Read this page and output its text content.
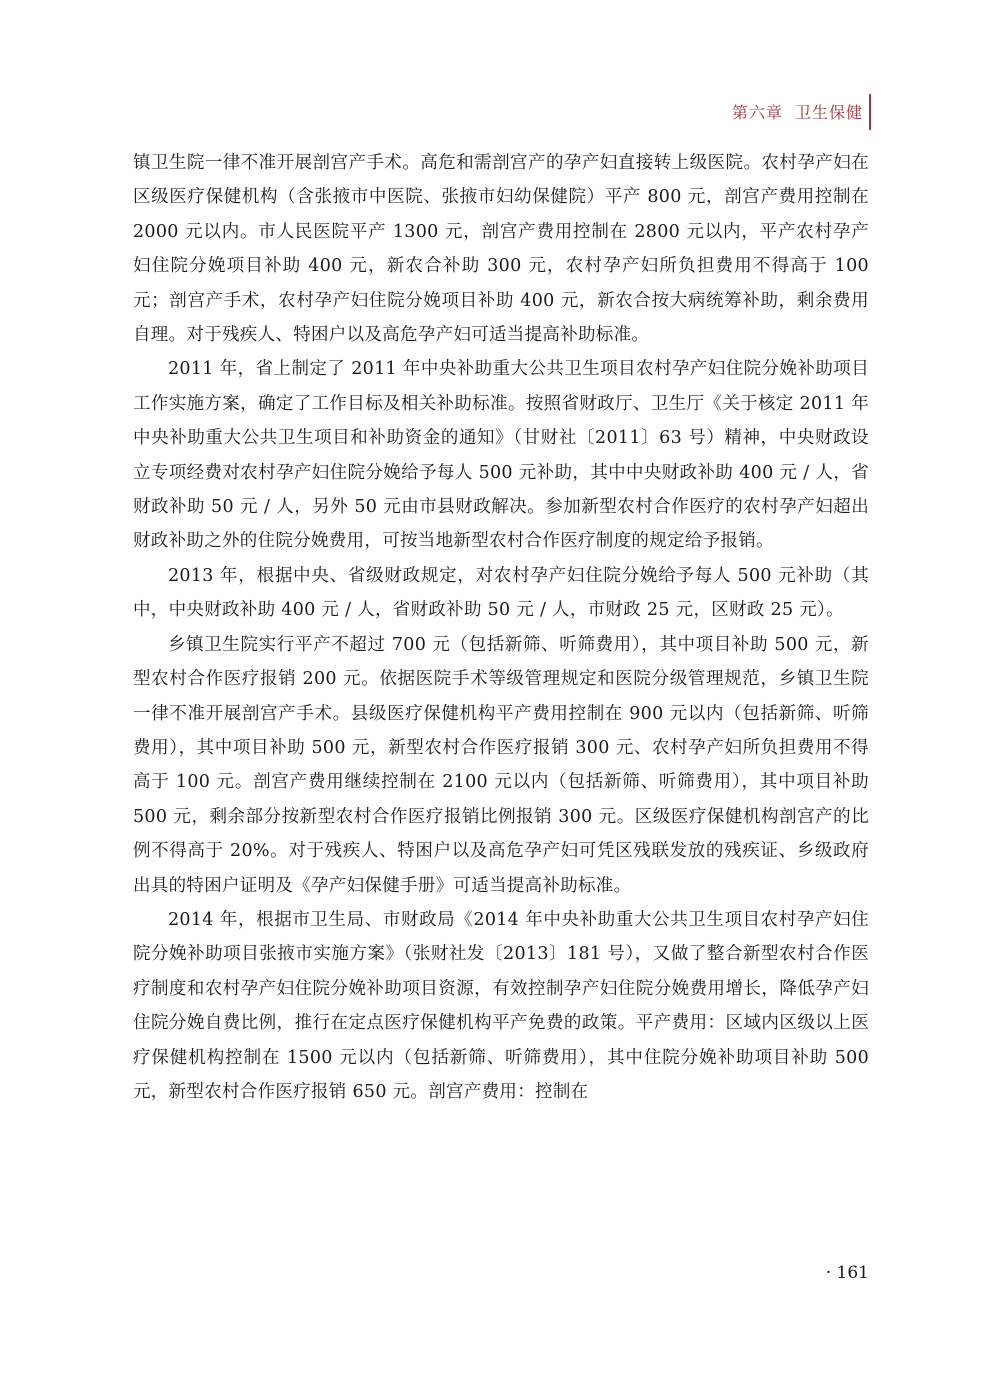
第六章 卫生保健

镇卫生院一律不准开展剖宫产手术。高危和需剖宫产的孕产妇直接转上级医院。农村孕产妇在区级医疗保健机构（含张掖市中医院、张掖市妇幼保健院）平产 800 元，剖宫产费用控制在 2000 元以内。市人民医院平产 1300 元，剖宫产费用控制在 2800 元以内，平产农村孕产妇住院分娩项目补助 400 元，新农合补助 300 元，农村孕产妇所负担费用不得高于 100 元；剖宫产手术，农村孕产妇住院分娩项目补助 400 元，新农合按大病统筹补助，剩余费用自理。对于残疾人、特困户以及高危孕产妇可适当提高补助标准。

2011 年，省上制定了 2011 年中央补助重大公共卫生项目农村孕产妇住院分娩补助项目工作实施方案，确定了工作目标及相关补助标准。按照省财政厅、卫生厅《关于核定 2011 年中央补助重大公共卫生项目和补助资金的通知》（甘财社〔2011〕63 号）精神，中央财政设立专项经费对农村孕产妇住院分娩给予每人 500 元补助，其中中央财政补助 400 元 / 人，省财政补助 50 元 / 人，另外 50 元由市县财政解决。参加新型农村合作医疗的农村孕产妇超出财政补助之外的住院分娩费用，可按当地新型农村合作医疗制度的规定给予报销。

2013 年，根据中央、省级财政规定，对农村孕产妇住院分娩给予每人 500 元补助（其中，中央财政补助 400 元 / 人，省财政补助 50 元 / 人，市财政 25 元，区财政 25 元）。

乡镇卫生院实行平产不超过 700 元（包括新筛、听筛费用），其中项目补助 500 元，新型农村合作医疗报销 200 元。依据医院手术等级管理规定和医院分级管理规范，乡镇卫生院一律不准开展剖宫产手术。县级医疗保健机构平产费用控制在 900 元以内（包括新筛、听筛费用），其中项目补助 500 元，新型农村合作医疗报销 300 元、农村孕产妇所负担费用不得高于 100 元。剖宫产费用继续控制在 2100 元以内（包括新筛、听筛费用），其中项目补助 500 元，剩余部分按新型农村合作医疗报销比例报销 300 元。区级医疗保健机构剖宫产的比例不得高于 20%。对于残疾人、特困户以及高危孕产妇可凭区残联发放的残疾证、乡级政府出具的特困户证明及《孕产妇保健手册》可适当提高补助标准。

2014 年，根据市卫生局、市财政局《2014 年中央补助重大公共卫生项目农村孕产妇住院分娩补助项目张掖市实施方案》（张财社发〔2013〕181 号），又做了整合新型农村合作医疗制度和农村孕产妇住院分娩补助项目资源，有效控制孕产妇住院分娩费用增长，降低孕产妇住院分娩自费比例，推行在定点医疗保健机构平产免费的政策。平产费用：区域内区级以上医疗保健机构控制在 1500 元以内（包括新筛、听筛费用），其中住院分娩补助项目补助 500 元，新型农村合作医疗报销 650 元。剖宫产费用：控制在

· 161
